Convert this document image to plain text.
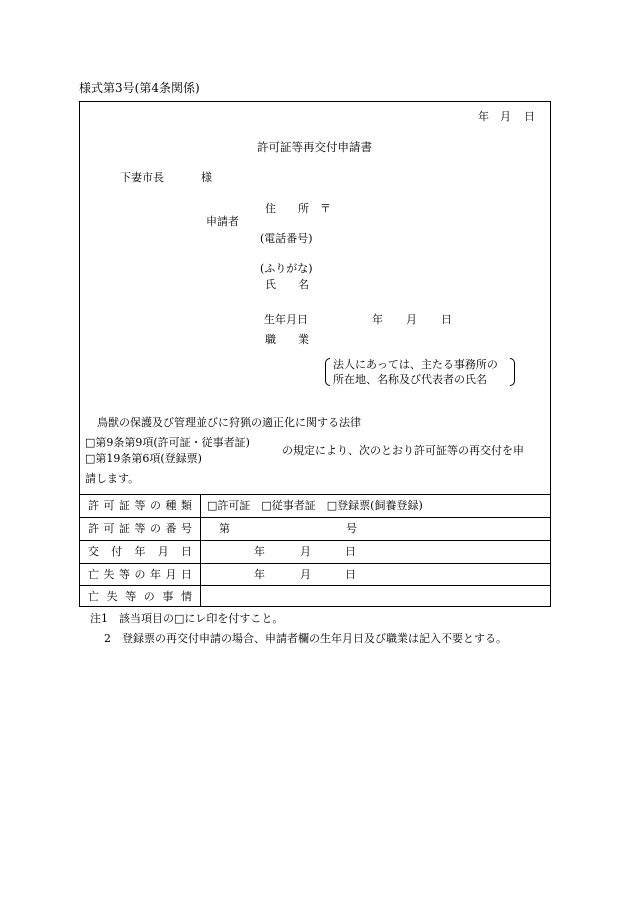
様式第3号(第4条関係)
年 月 日
許可証等再交付申請書
下妻市長	様
申請者
住　　所　〒
(電話番号)
(ふりがな)
氏　　名
生年月日	年 月 日
職　　業
法人にあっては、主たる事務所の
所在地、名称及び代表者の氏名
鳥獣の保護及び管理並びに狩猟の適正化に関する法律
□第9条第9項(許可証・従事者証)
□第19条第6項(登録票)
の規定により、次のとおり許可証等の再交付を申
請します。
許 可 証 等 の 種 類 □許可証　□従事者証　□登録票(飼養登録)
許 可 証 等 の 番 号 第	号
交 付 年 月 日	年	月	日
亡 失 等 の 年 月 日	年	月	日
亡 失 等 の 事 情
注1　該当項目の□にレ印を付すこと。
2　登録票の再交付申請の場合、申請者欄の生年月日及び職業は記入不要とする。
